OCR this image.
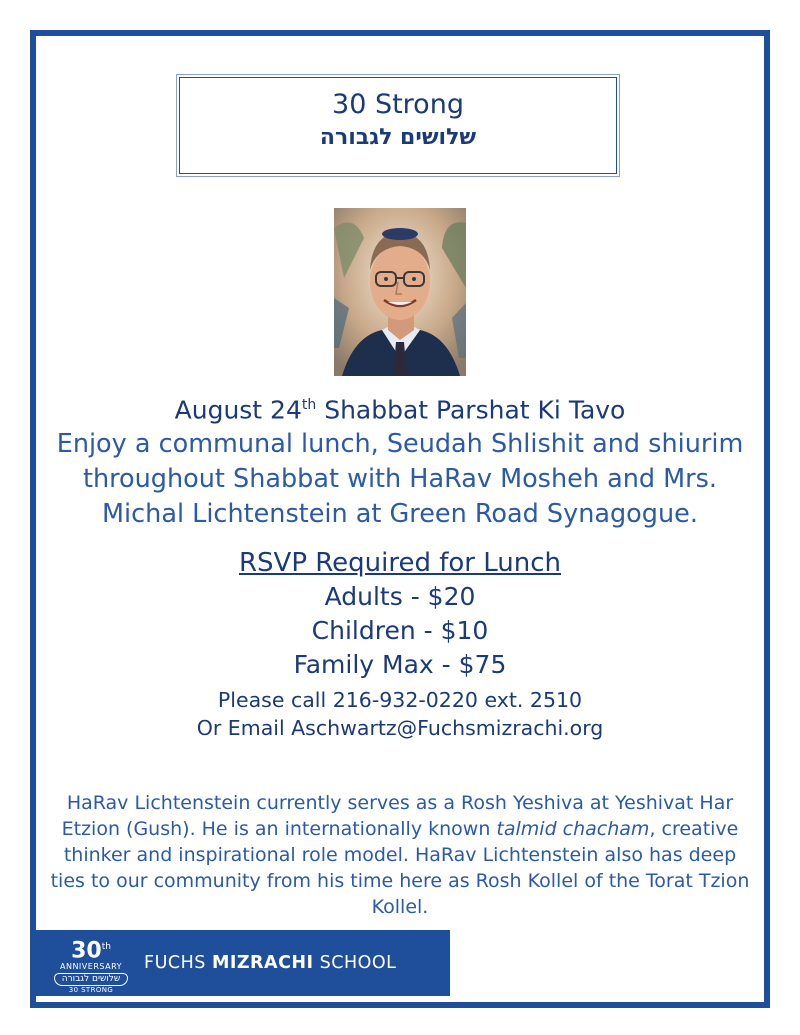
30 Strong
שלושים לגבורה
August 24th Shabbat Parshat Ki Tavo
Enjoy a communal lunch, Seudah Shlishit and shiurim throughout Shabbat with HaRav Mosheh and Mrs. Michal Lichtenstein at Green Road Synagogue.
RSVP Required for Lunch
Adults - $20
Children - $10
Family Max - $75
Please call 216-932-0220 ext. 2510
Or Email Aschwartz@Fuchsmizrachi.org
HaRav Lichtenstein currently serves as a Rosh Yeshiva at Yeshivat Har Etzion (Gush). He is an internationally known talmid chacham, creative thinker and inspirational role model. HaRav Lichtenstein also has deep ties to our community from his time here as Rosh Kollel of the Torat Tzion Kollel.
30th
ANNIVERSARY
שלושים לגבורה
30 STRONG
FUCHS MIZRACHI SCHOOL
